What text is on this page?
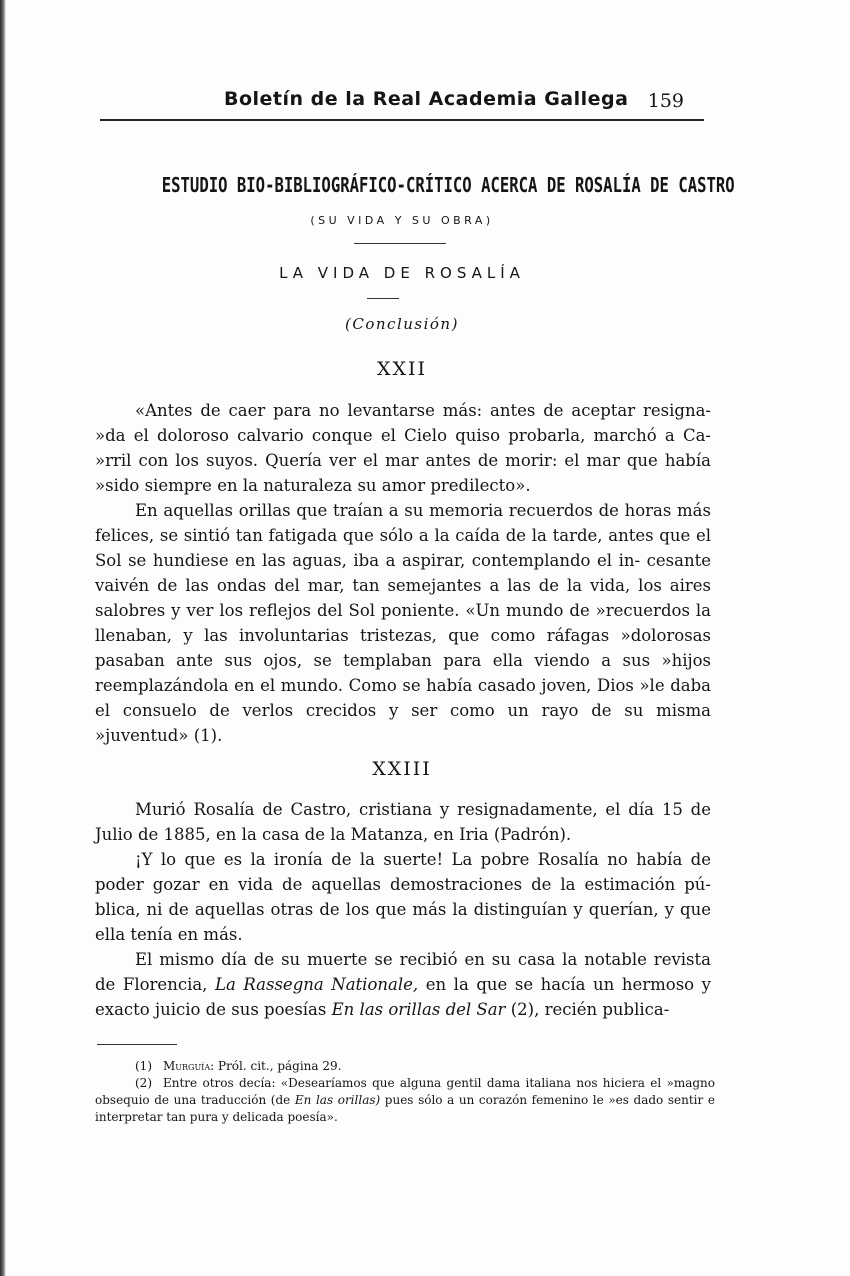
Boletín de la Real Academia Gallega 159
ESTUDIO BIO-BIBLIOGRÁFICO-CRÍTICO ACERCA DE ROSALÍA DE CASTRO
(SU VIDA Y SU OBRA)
LA VIDA DE ROSALÍA
(Conclusión)
XXII

«Antes de caer para no levantarse más: antes de aceptar resigna- »da el doloroso calvario conque el Cielo quiso probarla, marchó a Ca- »rril con los suyos. Quería ver el mar antes de morir: el mar que había »sido siempre en la naturaleza su amor predilecto».

En aquellas orillas que traían a su memoria recuerdos de horas más felices, se sintió tan fatigada que sólo a la caída de la tarde, antes que el Sol se hundiese en las aguas, iba a aspirar, contemplando el in- cesante vaivén de las ondas del mar, tan semejantes a las de la vida, los aires salobres y ver los reflejos del Sol poniente. «Un mundo de »recuerdos la llenaban, y las involuntarias tristezas, que como ráfagas »dolorosas pasaban ante sus ojos, se templaban para ella viendo a sus »hijos reemplazándola en el mundo. Como se había casado joven, Dios »le daba el consuelo de verlos crecidos y ser como un rayo de su misma »juventud» (1).

XXIII

Murió Rosalía de Castro, cristiana y resignadamente, el día 15 de Julio de 1885, en la casa de la Matanza, en Iria (Padrón).

¡Y lo que es la ironía de la suerte! La pobre Rosalía no había de poder gozar en vida de aquellas demostraciones de la estimación pú- blica, ni de aquellas otras de los que más la distinguían y querían, y que ella tenía en más.

El mismo día de su muerte se recibió en su casa la notable revista de Florencia, La Rassegna Nationale, en la que se hacía un hermoso y exacto juicio de sus poesías En las orillas del Sar (2), recién publica-

(1) Murguía: Pról. cit., página 29.

(2) Entre otros decía: «Desearíamos que alguna gentil dama italiana nos hiciera el »magno obsequio de una traducción (de En las orillas) pues sólo a un corazón femenino le »es dado sentir e interpretar tan pura y delicada poesía».
